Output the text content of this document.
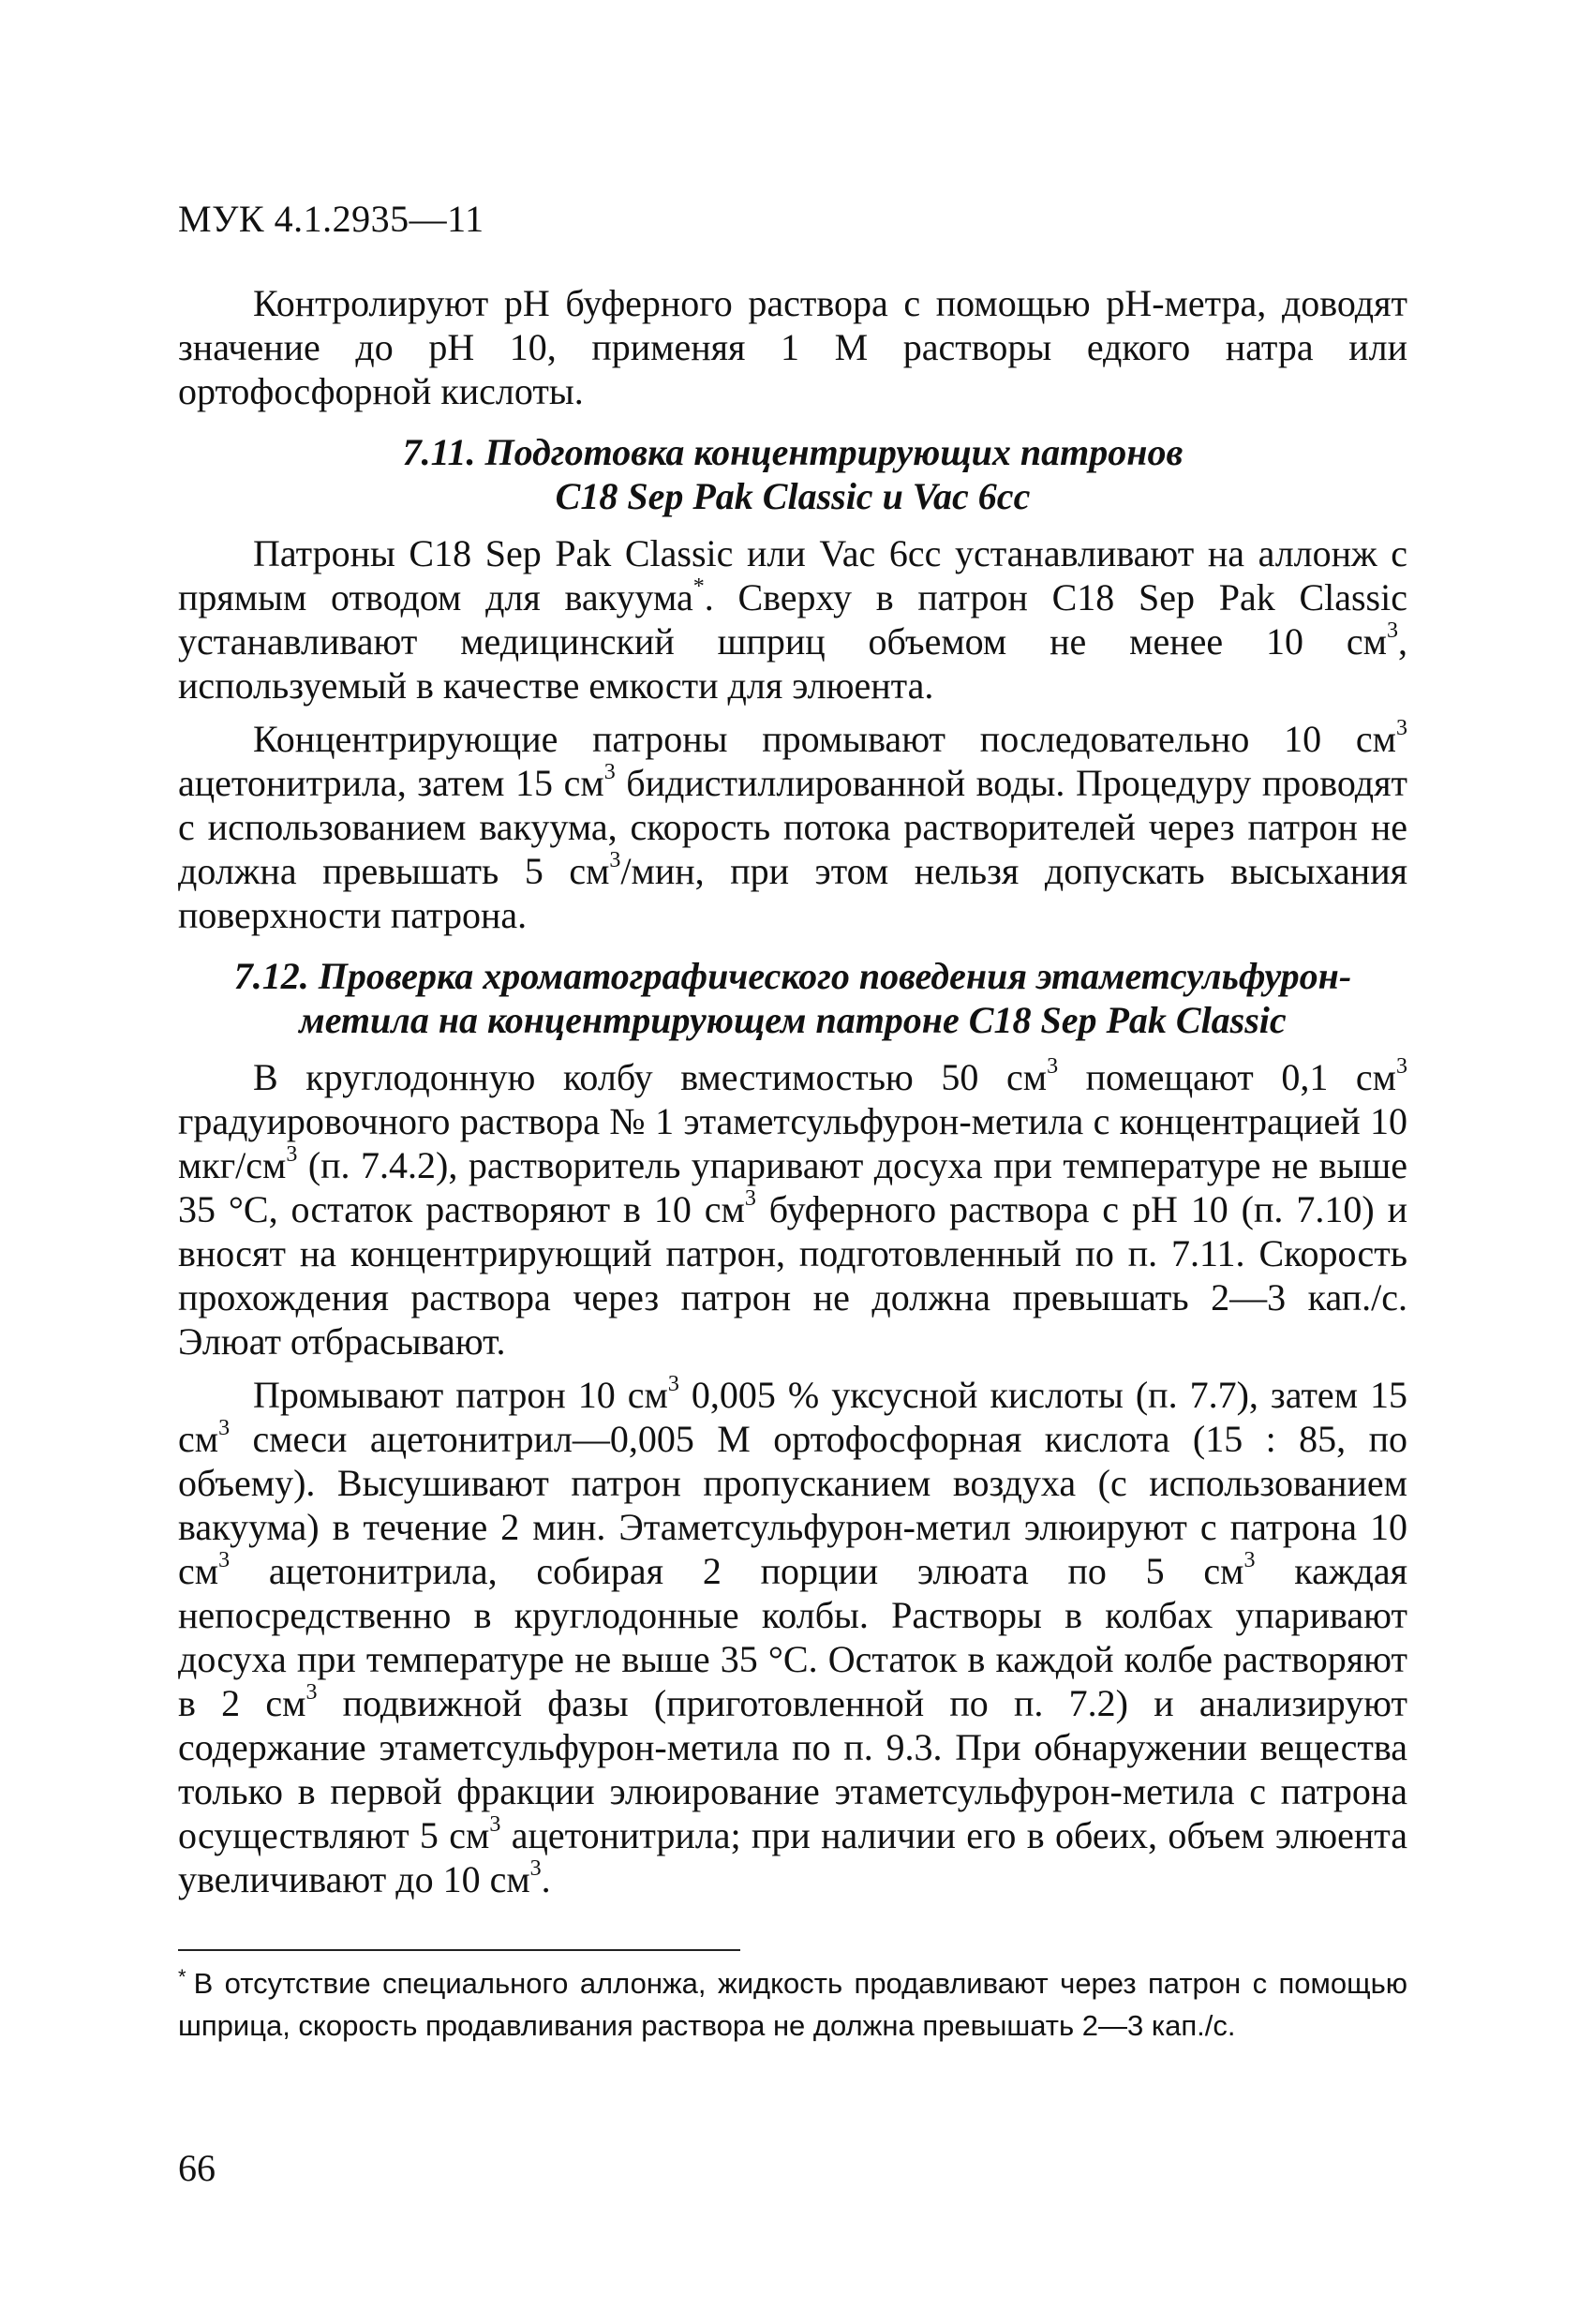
МУК 4.1.2935—11

Контролируют pH буферного раствора с помощью pH-метра, доводят значение до pH 10, применяя 1 M растворы едкого натра или ортофосфорной кислоты.

7.11. Подготовка концентрирующих патронов
C18 Sep Pak Classic и Vac 6cc

Патроны C18 Sep Pak Classic или Vac 6cc устанавливают на аллонж с прямым отводом для вакуума*. Сверху в патрон C18 Sep Pak Classic устанавливают медицинский шприц объемом не менее 10 $см^3$, используемый в качестве емкости для элюента.

Концентрирующие патроны промывают последовательно 10 $см^3$ ацетонитрила, затем 15 $см^3$ бидистиллированной воды. Процедуру проводят с использованием вакуума, скорость потока растворителей через патрон не должна превышать 5 $см^3$/мин, при этом нельзя допускать высыхания поверхности патрона.

7.12. Проверка хроматографического поведения этаметсульфурон-
метила на концентрирующем патроне C18 Sep Pak Classic

В круглодонную колбу вместимостью 50 $см^3$ помещают 0,1 $см^3$ градуировочного раствора № 1 этаметсульфурон-метила с концентрацией 10 мкг/$см^3$ (п. 7.4.2), растворитель упаривают досуха при температуре не выше 35 °C, остаток растворяют в 10 $см^3$ буферного раствора с pH 10 (п. 7.10) и вносят на концентрирующий патрон, подготовленный по п. 7.11. Скорость прохождения раствора через патрон не должна превышать 2—3 кап./с. Элюат отбрасывают.

Промывают патрон 10 $см^3$ 0,005 % уксусной кислоты (п. 7.7), затем 15 $см^3$ смеси ацетонитрил—0,005 M ортофосфорная кислота (15 : 85, по объему). Высушивают патрон пропусканием воздуха (с использованием вакуума) в течение 2 мин. Этаметсульфурон-метил элюируют с патрона 10 $см^3$ ацетонитрила, собирая 2 порции элюата по 5 $см^3$ каждая непосредственно в круглодонные колбы. Растворы в колбах упаривают досуха при температуре не выше 35 °C. Остаток в каждой колбе растворяют в 2 $см^3$ подвижной фазы (приготовленной по п. 7.2) и анализируют содержание этаметсульфурон-метила по п. 9.3. При обнаружении вещества только в первой фракции элюирование этаметсульфурон-метила с патрона осуществляют 5 $см^3$ ацетонитрила; при наличии его в обеих, объем элюента увеличивают до 10 $см^3$.

* В отсутствие специального аллонжа, жидкость продавливают через патрон с помощью шприца, скорость продавливания раствора не должна превышать 2—3 кап./с.
66
